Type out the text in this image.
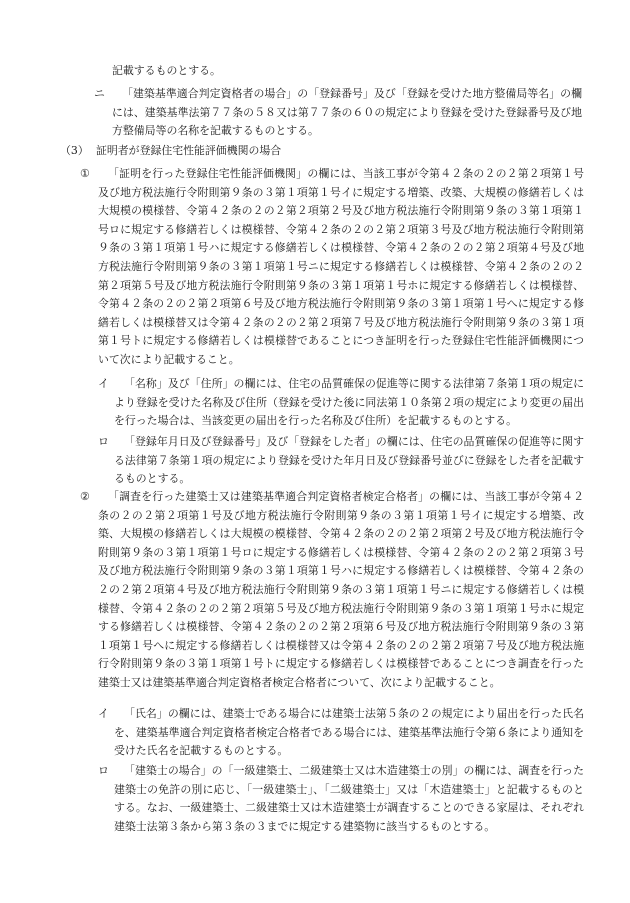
記載するものとする。

ニ	「建築基準適合判定資格者の場合」の「登録番号」及び「登録を受けた地方整備局等名」の欄には、建築基準法第７７条の５８又は第７７条の６０の規定により登録を受けた登録番号及び地方整備局等の名称を記載するものとする。

（3） 証明者が登録住宅性能評価機関の場合
①	「証明を行った登録住宅性能評価機関」の欄には、当該工事が令第４２条の２の２第２項第１号及び地方税法施行令附則第９条の３第１項第１号イに規定する増築、改築、大規模の修繕若しくは大規模の模様替、令第４２条の２の２第２項第２号及び地方税法施行令附則第９条の３第１項第１号ロに規定する修繕若しくは模様替、令第４２条の２の２第２項第３号及び地方税法施行令附則第９条の３第１項第１号ハに規定する修繕若しくは模様替、令第４２条の２の２第２項第４号及び地方税法施行令附則第９条の３第１項第１号ニに規定する修繕若しくは模様替、令第４２条の２の２第２項第５号及び地方税法施行令附則第９条の３第１項第１号ホに規定する修繕若しくは模様替、令第４２条の２の２第２項第６号及び地方税法施行令附則第９条の３第１項第１号へに規定する修繕若しくは模様替又は令第４２条の２の２第２項第７号及び地方税法施行令附則第９条の３第１項第１号トに規定する修繕若しくは模様替であることにつき証明を行った登録住宅性能評価機関について次により記載すること。

イ	「名称」及び「住所」の欄には、住宅の品質確保の促進等に関する法律第７条第１項の規定により登録を受けた名称及び住所（登録を受けた後に同法第１０条第２項の規定により変更の届出を行った場合は、当該変更の届出を行った名称及び住所）を記載するものとする。

ロ	「登録年月日及び登録番号」及び「登録をした者」の欄には、住宅の品質確保の促進等に関する法律第７条第１項の規定により登録を受けた年月日及び登録番号並びに登録をした者を記載するものとする。

②	「調査を行った建築士又は建築基準適合判定資格者検定合格者」の欄には、当該工事が令第４２条の２の２第２項第１号及び地方税法施行令附則第９条の３第１項第１号イに規定する増築、改築、大規模の修繕若しくは大規模の模様替、令第４２条の２の２第２項第２号及び地方税法施行令附則第９条の３第１項第１号ロに規定する修繕若しくは模様替、令第４２条の２の２第２項第３号及び地方税法施行令附則第９条の３第１項第１号ハに規定する修繕若しくは模様替、令第４２条の２の２第２項第４号及び地方税法施行令附則第９条の３第１項第１号ニに規定する修繕若しくは模様替、令第４２条の２の２第２項第５号及び地方税法施行令附則第９条の３第１項第１号ホに規定する修繕若しくは模様替、令第４２条の２の２第２項第６号及び地方税法施行令附則第９条の３第１項第１号へに規定する修繕若しくは模様替又は令第４２条の２の２第２項第７号及び地方税法施行令附則第９条の３第１項第１号トに規定する修繕若しくは模様替であることにつき調査を行った建築士又は建築基準適合判定資格者検定合格者について、次により記載すること。

イ	「氏名」の欄には、建築士である場合には建築士法第５条の２の規定により届出を行った氏名を、建築基準適合判定資格者検定合格者である場合には、建築基準法施行令第６条により通知を受けた氏名を記載するものとする。

ロ	「建築士の場合」の「一級建築士、二級建築士又は木造建築士の別」の欄には、調査を行った建築士の免許の別に応じ、「一級建築士」、「二級建築士」又は「木造建築士」と記載するものとする。なお、一級建築士、二級建築士又は木造建築士が調査することのできる家屋は、それぞれ建築士法第３条から第３条の３までに規定する建築物に該当するものとする。
